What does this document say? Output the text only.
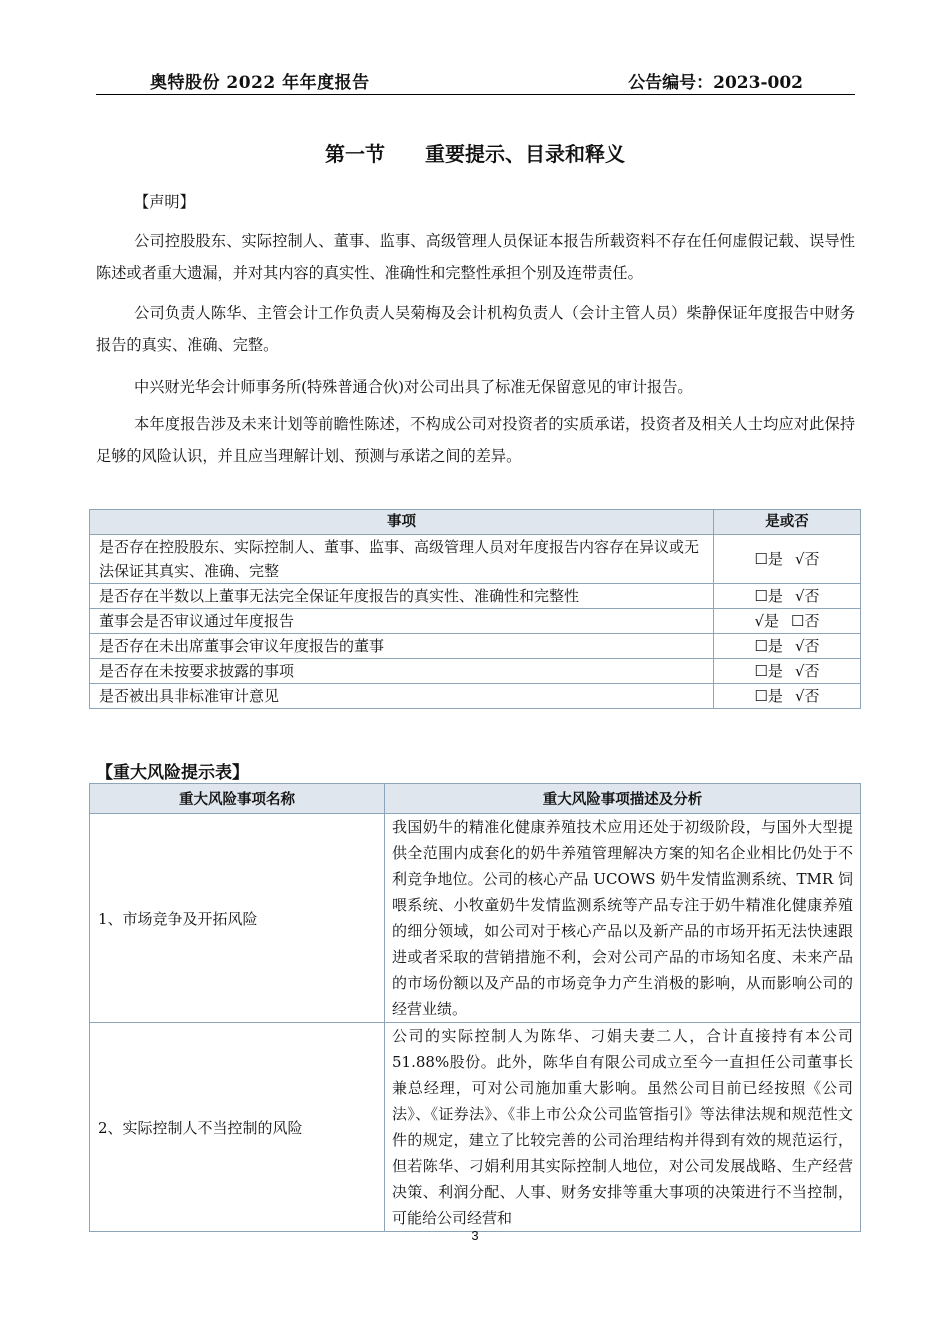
奥特股份 2022 年年度报告	公告编号：2023-002
第一节　　重要提示、目录和释义
【声明】
公司控股股东、实际控制人、董事、监事、高级管理人员保证本报告所载资料不存在任何虚假记载、误导性陈述或者重大遗漏，并对其内容的真实性、准确性和完整性承担个别及连带责任。
公司负责人陈华、主管会计工作负责人吴菊梅及会计机构负责人（会计主管人员）柴静保证年度报告中财务报告的真实、准确、完整。
中兴财光华会计师事务所(特殊普通合伙)对公司出具了标准无保留意见的审计报告。
本年度报告涉及未来计划等前瞻性陈述，不构成公司对投资者的实质承诺，投资者及相关人士均应对此保持足够的风险认识，并且应当理解计划、预测与承诺之间的差异。
事项	是或否
是否存在控股股东、实际控制人、董事、监事、高级管理人员对年度报告内容存在异议或无法保证其真实、准确、完整	☐是 √否
是否存在半数以上董事无法完全保证年度报告的真实性、准确性和完整性	☐是 √否
董事会是否审议通过年度报告	√是 ☐否
是否存在未出席董事会审议年度报告的董事	☐是 √否
是否存在未按要求披露的事项	☐是 √否
是否被出具非标准审计意见	☐是 √否
【重大风险提示表】
重大风险事项名称	重大风险事项描述及分析
1、市场竞争及开拓风险	我国奶牛的精准化健康养殖技术应用还处于初级阶段，与国外大型提供全范围内成套化的奶牛养殖管理解决方案的知名企业相比仍处于不利竞争地位。公司的核心产品 UCOWS 奶牛发情监测系统、TMR 饲喂系统、小牧童奶牛发情监测系统等产品专注于奶牛精准化健康养殖的细分领域，如公司对于核心产品以及新产品的市场开拓无法快速跟进或者采取的营销措施不利，会对公司产品的市场知名度、未来产品的市场份额以及产品的市场竞争力产生消极的影响，从而影响公司的经营业绩。
2、实际控制人不当控制的风险	公司的实际控制人为陈华、刁娟夫妻二人，合计直接持有本公司 51.88%股份。此外，陈华自有限公司成立至今一直担任公司董事长兼总经理，可对公司施加重大影响。虽然公司目前已经按照《公司法》、《证券法》、《非上市公众公司监管指引》等法律法规和规范性文件的规定，建立了比较完善的公司治理结构并得到有效的规范运行，但若陈华、刁娟利用其实际控制人地位，对公司发展战略、生产经营决策、利润分配、人事、财务安排等重大事项的决策进行不当控制，可能给公司经营和
3
